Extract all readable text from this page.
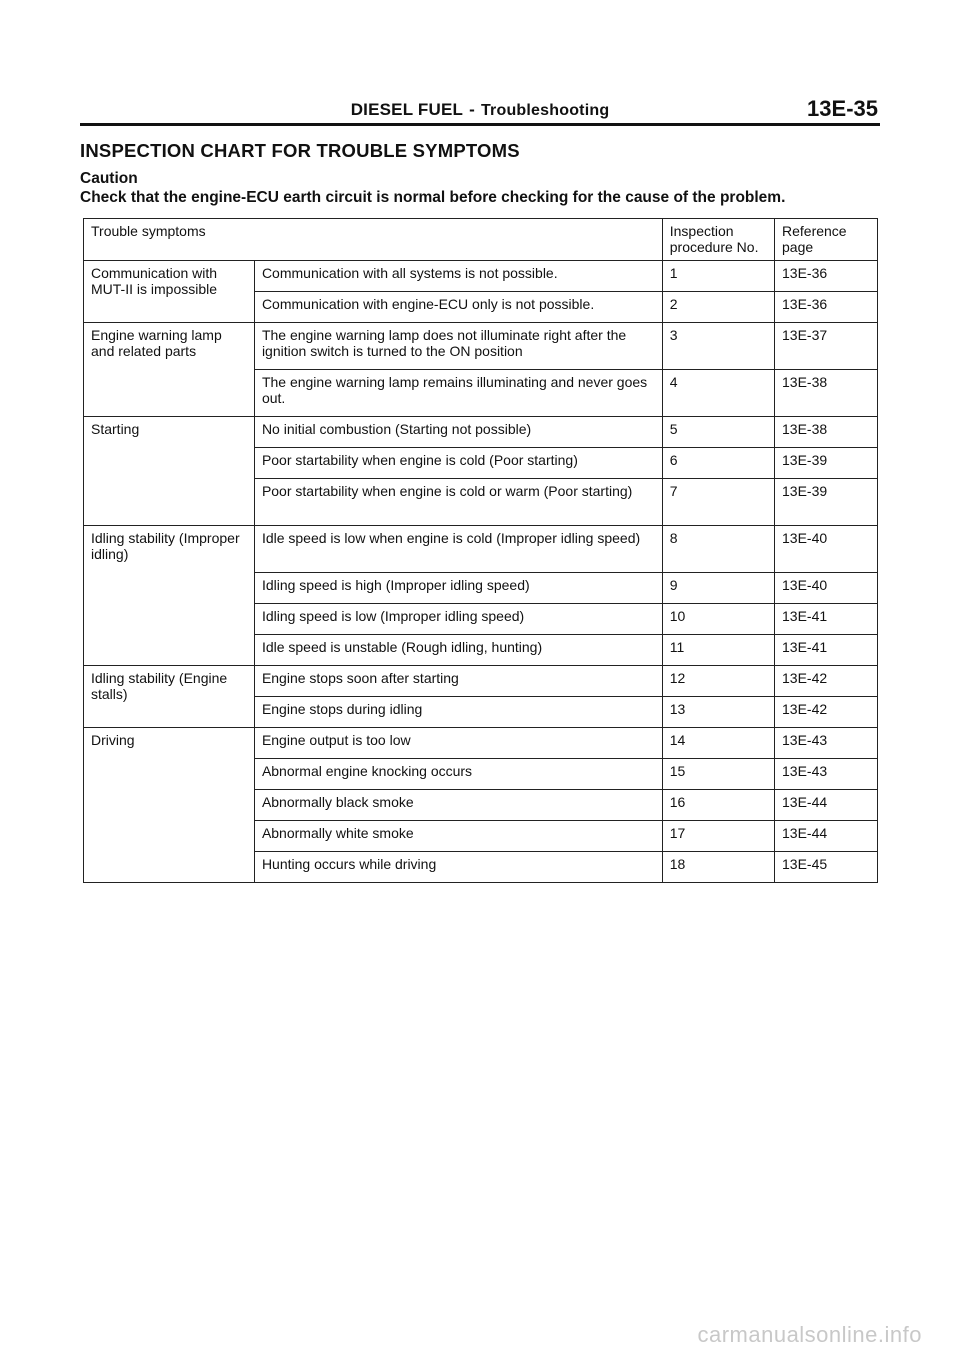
DIESEL FUEL - Troubleshooting	13E-35
INSPECTION CHART FOR TROUBLE SYMPTOMS
Caution
Check that the engine-ECU earth circuit is normal before checking for the cause of the problem.
Trouble symptoms		Inspection procedure No.	Reference page
Communication with MUT-II is impossible	Communication with all systems is not possible.	1	13E-36
	Communication with engine-ECU only is not possible.	2	13E-36
Engine warning lamp and related parts	The engine warning lamp does not illuminate right after the ignition switch is turned to the ON position	3	13E-37
	The engine warning lamp remains illuminating and never goes out.	4	13E-38
Starting	No initial combustion (Starting not possible)	5	13E-38
	Poor startability when engine is cold (Poor starting)	6	13E-39
	Poor startability when engine is cold or warm (Poor starting)	7	13E-39
Idling stability (Improper idling)	Idle speed is low when engine is cold (Improper idling speed)	8	13E-40
	Idling speed is high (Improper idling speed)	9	13E-40
	Idling speed is low (Improper idling speed)	10	13E-41
	Idle speed is unstable (Rough idling, hunting)	11	13E-41
Idling stability (Engine stalls)	Engine stops soon after starting	12	13E-42
	Engine stops during idling	13	13E-42
Driving	Engine output is too low	14	13E-43
	Abnormal engine knocking occurs	15	13E-43
	Abnormally black smoke	16	13E-44
	Abnormally white smoke	17	13E-44
	Hunting occurs while driving	18	13E-45
carmanualsonline.info
